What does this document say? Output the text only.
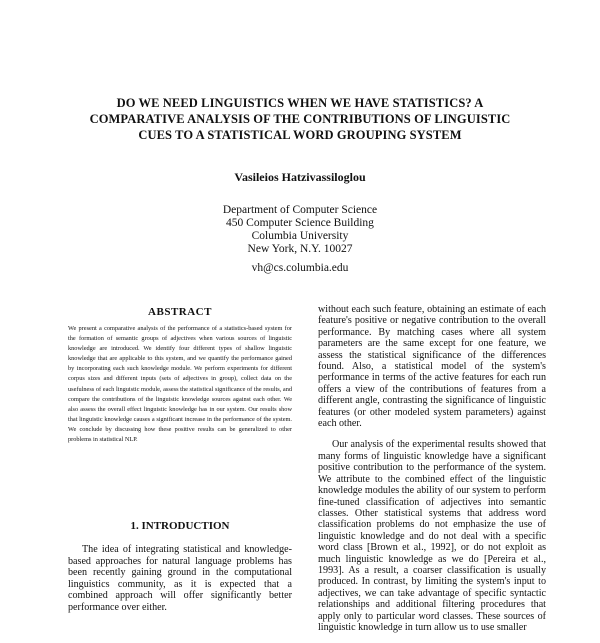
DO WE NEED LINGUISTICS WHEN WE HAVE STATISTICS? A
COMPARATIVE ANALYSIS OF THE CONTRIBUTIONS OF LINGUISTIC
CUES TO A STATISTICAL WORD GROUPING SYSTEM
Vasileios Hatzivassiloglou
Department of Computer Science
450 Computer Science Building
Columbia University
New York, N.Y. 10027
vh@cs.columbia.edu
ABSTRACT
We present a comparative analysis of the performance of a statistics-based system for the formation of semantic groups of adjectives when various sources of linguistic knowledge are introduced. We identify four different types of shallow linguistic knowledge that are applicable to this system, and we quantify the performance gained by incorporating each such knowledge module. We perform experiments for different corpus sizes and different inputs (sets of adjectives in group), collect data on the usefulness of each linguistic module, assess the statistical significance of the results, and compare the contributions of the linguistic knowledge sources against each other. We also assess the overall effect linguistic knowledge has in our system. Our results show that linguistic knowledge causes a significant increase in the performance of the system. We conclude by discussing how these positive results can be generalized to other problems in statistical NLP.
1. INTRODUCTION
The idea of integrating statistical and knowledge-based approaches for natural language problems has been recently gaining ground in the computational linguistics community, as it is expected that a combined approach will offer significantly better performance over either.

without each such feature, obtaining an estimate of each feature's positive or negative contribution to the overall performance. By matching cases where all system parameters are the same except for one feature, we assess the statistical significance of the differences found. Also, a statistical model of the system's performance in terms of the active features for each run offers a view of the contributions of features from a different angle, contrasting the significance of linguistic features (or other modeled system parameters) against each other.

Our analysis of the experimental results showed that many forms of linguistic knowledge have a significant positive contribution to the performance of the system. We attribute to the combined effect of the linguistic knowledge modules the ability of our system to perform fine-tuned classification of adjectives into semantic classes. Other statistical systems that address word classification problems do not emphasize the use of linguistic knowledge and do not deal with a specific word class [Brown et al., 1992], or do not exploit as much linguistic knowledge as we do [Pereira et al., 1993]. As a result, a coarser classification is usually produced. In contrast, by limiting the system's input to adjectives, we can take advantage of specific syntactic relationships and additional filtering procedures that apply only to particular word classes. These sources of linguistic knowledge in turn allow us to use smaller
